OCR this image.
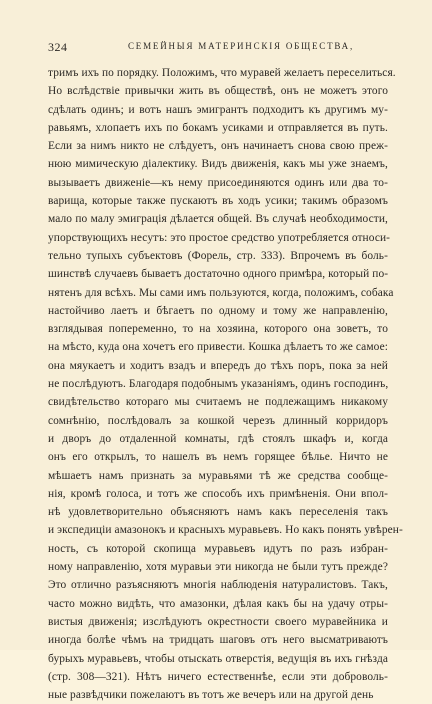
324	СЕМЕЙНЫЯ МАТЕРИНСКІЯ ОБЩЕСТВА,
тримъ ихъ по порядку. Положимъ, что муравей желаетъ переселиться.
Но вслѣдствіе привычки жить въ обществѣ, онъ не можетъ этого
сдѣлать одинъ; и вотъ нашъ эмигрантъ подходитъ къ другимъ му-
равьямъ, хлопаетъ ихъ по бокамъ усиками и отправляется въ путь.
Если за нимъ никто не слѣдуетъ, онъ начинаетъ снова свою преж-
нюю мимическую діалектику. Видъ движенія, какъ мы уже знаемъ,
вызываетъ движеніе—къ нему присоединяются одинъ или два то-
варища, которые также пускаютъ въ ходъ усики; такимъ образомъ
мало по малу эмиграція дѣлается общей. Въ случаѣ необходимости,
упорствующихъ несутъ: это простое средство употребляется относи-
тельно тупыхъ субъектовъ (Форель, стр. 333). Впрочемъ въ боль-
шинствѣ случаевъ бываетъ достаточно одного примѣра, который по-
нятенъ для всѣхъ. Мы сами имъ пользуются, когда, положимъ, собака
настойчиво лаетъ и бѣгаетъ по одному и тому же направленію,
взглядывая попеременно, то на хозяина, которого она зоветъ, то
на мѣсто, куда она хочетъ его привести. Кошка дѣлаетъ то же самое:
она мяукаетъ и ходитъ взадъ и впередъ до тѣхъ поръ, пока за ней
не послѣдуютъ. Благодаря подобнымъ указаніямъ, одинъ господинъ,
свидѣтельство котораго мы считаемъ не подлежащимъ никакому
сомнѣнію, послѣдовалъ за кошкой черезъ длинный корридоръ
и дворъ до отдаленной комнаты, гдѣ стоялъ шкафъ и, когда
онъ его открылъ, то нашелъ въ немъ горящее бѣлье. Ничто не
мѣшаетъ намъ признать за муравьями тѣ же средства сообще-
нія, кромѣ голоса, и тотъ же способъ ихъ примѣненія. Они впол-
нѣ удовлетворительно объясняютъ намъ какъ переселенія такъ
и экспедиціи амазонокъ и красныхъ муравьевъ. Но какъ понять увѣрен-
ность, съ которой скопища муравьевъ идутъ по разъ избран-
ному направленію, хотя муравьи эти никогда не были тутъ прежде?
Это отлично разъясняютъ многія наблюденія натуралистовъ. Такъ,
часто можно видѣть, что амазонки, дѣлая какъ бы на удачу отры-
вистыя движенія; изслѣдуютъ окрестности своего муравейника и
иногда болѣе чѣмъ на тридцать шаговъ отъ него высматриваютъ
бурыхъ муравьевъ, чтобы отыскать отверстія, ведущія въ ихъ гнѣзда
(стр. 308—321). Нѣтъ ничего естественнѣе, если эти доброволь-
ные развѣдчики пожелаютъ въ тотъ же вечеръ или на другой день
